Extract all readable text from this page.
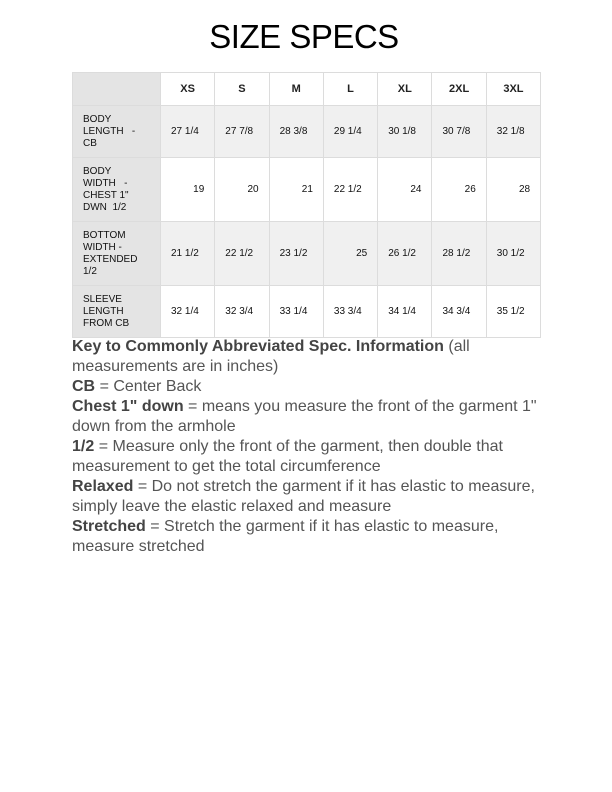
SIZE SPECS
	XS	S	M	L	XL	2XL	3XL
BODY
LENGTH   -
CB	27 1/4	27 7/8	28 3/8	29 1/4	30 1/8	30 7/8	32 1/8
BODY
WIDTH   -
CHEST 1"
DWN  1/2	19	20	21	22 1/2	24	26	28
BOTTOM
WIDTH -
EXTENDED
1/2	21 1/2	22 1/2	23 1/2	25	26 1/2	28 1/2	30 1/2
SLEEVE
LENGTH
FROM CB	32 1/4	32 3/4	33 1/4	33 3/4	34 1/4	34 3/4	35 1/2

Key to Commonly Abbreviated Spec. Information (all measurements are in inches)

CB = Center Back

Chest 1" down = means you measure the front of the garment 1" down from the armhole

1/2 = Measure only the front of the garment, then double that measurement to get the total circumference

Relaxed = Do not stretch the garment if it has elastic to measure, simply leave the elastic relaxed and measure

Stretched = Stretch the garment if it has elastic to measure, measure stretched
